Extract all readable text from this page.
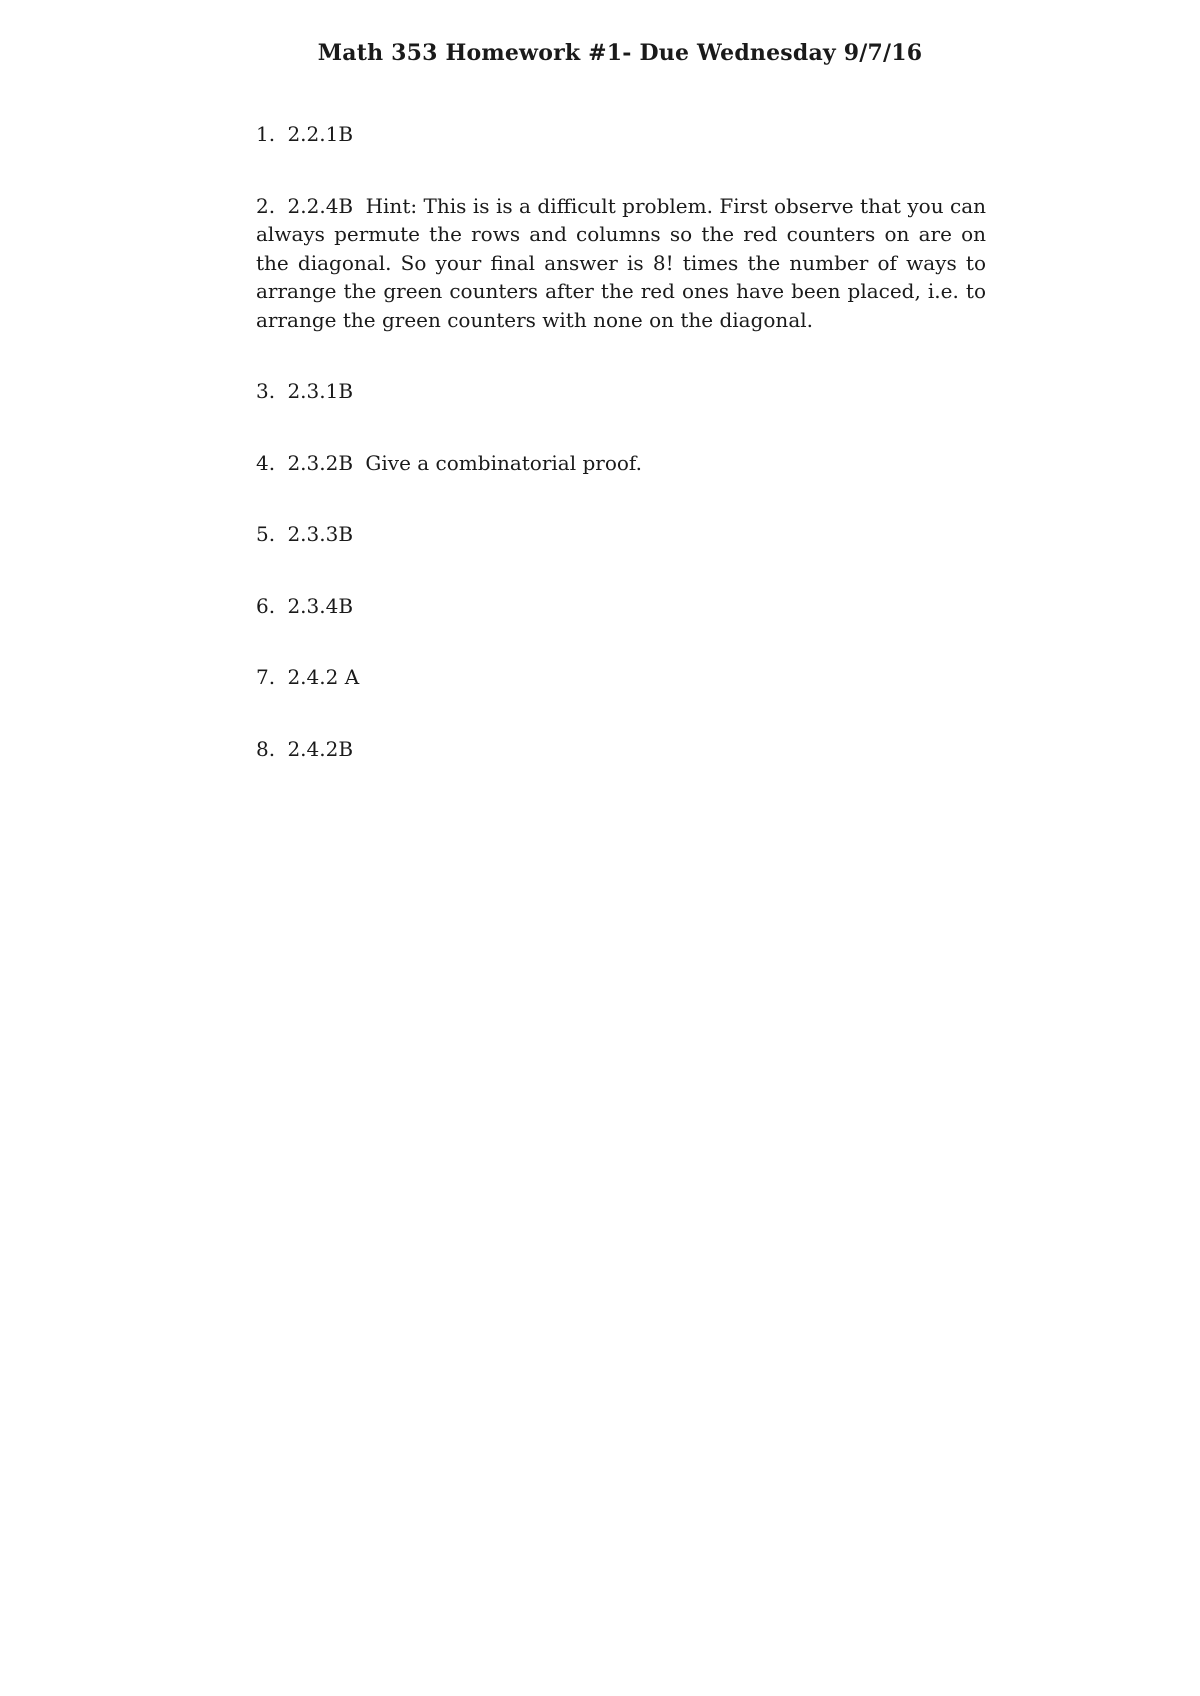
Math 353 Homework #1- Due Wednesday 9/7/16
1. 2.2.1B
2. 2.2.4B Hint: This is is a difficult problem. First observe that you can always permute the rows and columns so the red counters on are on the diagonal. So your final answer is 8! times the number of ways to arrange the green counters after the red ones have been placed, i.e. to arrange the green counters with none on the diagonal.
3. 2.3.1B
4. 2.3.2B Give a combinatorial proof.
5. 2.3.3B
6. 2.3.4B
7. 2.4.2 A
8. 2.4.2B
